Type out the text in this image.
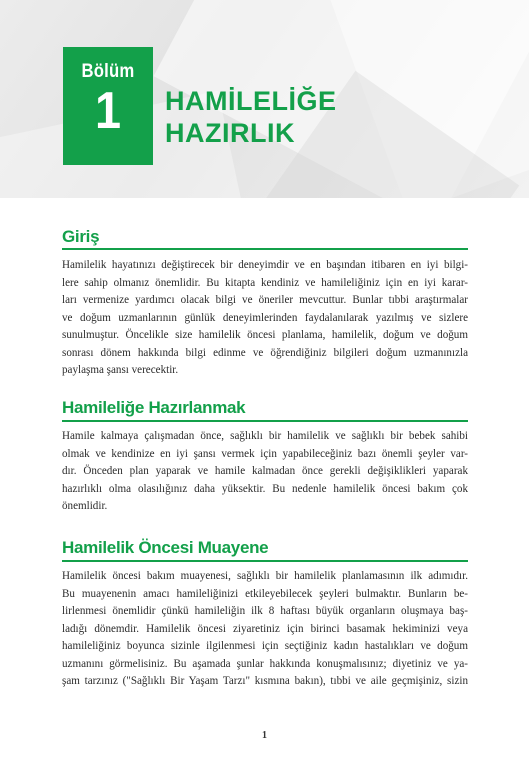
Bölüm
1	HAMİLELİĞE
HAZIRLIK
Giriş
Hamilelik hayatınızı değiştirecek bir deneyimdir ve en başından itibaren en iyi bilgi-
lere sahip olmanız önemlidir. Bu kitapta kendiniz ve hamileliğiniz için en iyi karar-
ları vermenize yardımcı olacak bilgi ve öneriler mevcuttur. Bunlar tıbbi araştırmalar
ve doğum uzmanlarının günlük deneyimlerinden faydalanılarak yazılmış ve sizlere
sunulmuştur. Öncelikle size hamilelik öncesi planlama, hamilelik, doğum ve doğum
sonrası dönem hakkında bilgi edinme ve öğrendiğiniz bilgileri doğum uzmanınızla
paylaşma şansı verecektir.
Hamileliğe Hazırlanmak
Hamile kalmaya çalışmadan önce, sağlıklı bir hamilelik ve sağlıklı bir bebek sahibi
olmak ve kendinize en iyi şansı vermek için yapabileceğiniz bazı önemli şeyler var-
dır. Önceden plan yaparak ve hamile kalmadan önce gerekli değişiklikleri yaparak
hazırlıklı olma olasılığınız daha yüksektir. Bu nedenle hamilelik öncesi bakım çok
önemlidir.
Hamilelik Öncesi Muayene
Hamilelik öncesi bakım muayenesi, sağlıklı bir hamilelik planlamasının ilk adımıdır.
Bu muayenenin amacı hamileliğinizi etkileyebilecek şeyleri bulmaktır. Bunların be-
lirlenmesi önemlidir çünkü hamileliğin ilk 8 haftası büyük organların oluşmaya baş-
ladığı dönemdir. Hamilelik öncesi ziyaretiniz için birinci basamak hekiminizi veya
hamileliğiniz boyunca sizinle ilgilenmesi için seçtiğiniz kadın hastalıkları ve doğum
uzmanını görmelisiniz. Bu aşamada şunlar hakkında konuşmalısınız; diyetiniz ve ya-
şam tarzınız ("Sağlıklı Bir Yaşam Tarzı" kısmına bakın), tıbbi ve aile geçmişiniz, sizin
1
